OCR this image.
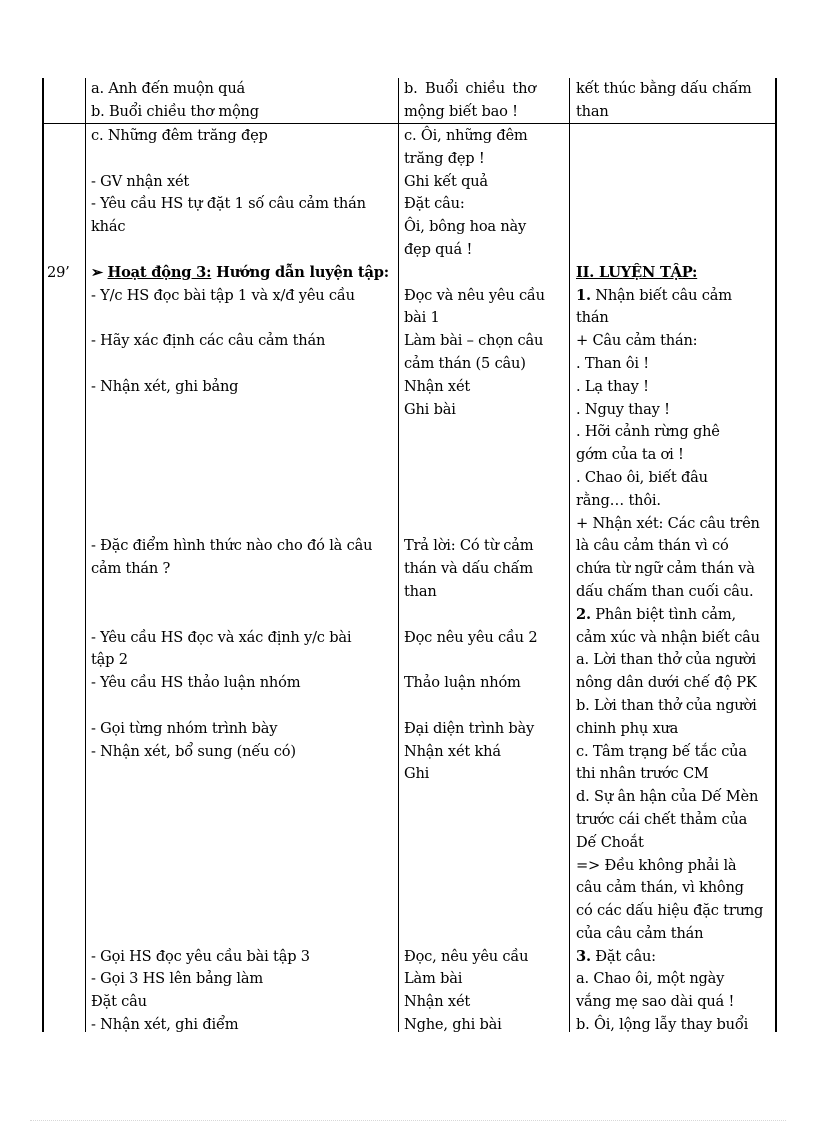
a. Anh đến muộn quá
b. Buổi chiều thơ mộng
b. Buổi chiều thơ
mộng biết bao !
kết thúc bằng dấu chấm
than
29’
c. Những đêm trăng đẹp
- GV nhận xét
- Yêu cầu HS tự đặt 1 số câu cảm thán
khác
➢ Hoạt động 3: Hướng dẫn luyện tập:
- Y/c HS đọc bài tập 1 và x/đ yêu cầu
- Hãy xác định các câu cảm thán
- Nhận xét, ghi bảng
- Đặc điểm hình thức nào cho đó là câu
cảm thán ?
- Yêu cầu HS đọc và xác định y/c bài
tập 2
- Yêu cầu HS thảo luận nhóm
- Gọi từng nhóm trình bày
- Nhận xét, bổ sung (nếu có)
- Gọi HS đọc yêu cầu bài tập 3
- Gọi 3 HS lên bảng làm
Đặt câu
- Nhận xét, ghi điểm
c. Ôi, những đêm
trăng đẹp !
Ghi kết quả
Đặt câu:
Ôi, bông hoa này
đẹp quá !
Đọc và nêu yêu cầu
bài 1
Làm bài – chọn câu
cảm thán (5 câu)
Nhận xét
Ghi bài
Trả lời: Có từ cảm
thán và dấu chấm
than
Đọc nêu yêu cầu 2
Thảo luận nhóm
Đại diện trình bày
Nhận xét khá
Ghi
Đọc, nêu yêu cầu
Làm bài
Nhận xét
Nghe, ghi bài
II. LUYỆN TẬP:
1. Nhận biết câu cảm
thán
+ Câu cảm thán:
. Than ôi !
. Lạ thay !
. Nguy thay !
. Hỡi cảnh rừng ghê
gớm của ta ơi !
. Chao ôi, biết đâu
rằng… thôi.
+ Nhận xét: Các câu trên
là câu cảm thán vì có
chứa từ ngữ cảm thán và
dấu chấm than cuối câu.
2. Phân biệt tình cảm,
cảm xúc và nhận biết câu
a. Lời than thở của người
nông dân dưới chế độ PK
b. Lời than thở của người
chinh phụ xưa
c. Tâm trạng bế tắc của
thi nhân trước CM
d. Sự ân hận của Dế Mèn
trước cái chết thảm của
Dế Choắt
=> Đều không phải là
câu cảm thán, vì không
có các dấu hiệu đặc trưng
của câu cảm thán
3. Đặt câu:
a. Chao ôi, một ngày
vắng mẹ sao dài quá !
b. Ôi, lộng lẫy thay buổi
